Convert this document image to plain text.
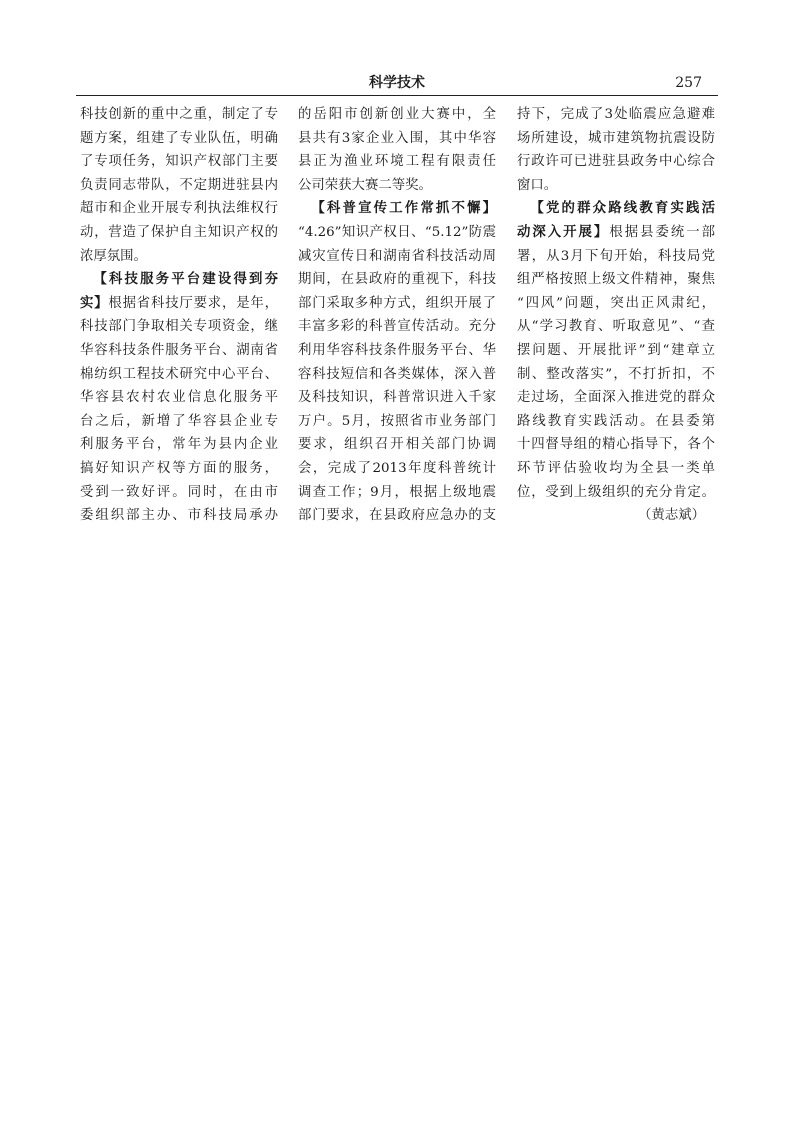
科学技术	257
科技创新的重中之重，制定了专
题方案，组建了专业队伍，明确
了专项任务，知识产权部门主要
负责同志带队，不定期进驻县内
超市和企业开展专利执法维权行
动，营造了保护自主知识产权的
浓厚氛围。
【科技服务平台建设得到夯
实】根据省科技厅要求，是年，
科技部门争取相关专项资金，继
华容科技条件服务平台、湖南省
棉纺织工程技术研究中心平台、
华容县农村农业信息化服务平
台之后，新增了华容县企业专
利服务平台，常年为县内企业
搞好知识产权等方面的服务，
受到一致好评。同时，在由市
委组织部主办、市科技局承办
的岳阳市创新创业大赛中，全
县共有3家企业入围，其中华容
县正为渔业环境工程有限责任
公司荣获大赛二等奖。
【科普宣传工作常抓不懈】
“4.26”知识产权日、“5.12”防震
减灾宣传日和湖南省科技活动周
期间，在县政府的重视下，科技
部门采取多种方式，组织开展了
丰富多彩的科普宣传活动。充分
利用华容科技条件服务平台、华
容科技短信和各类媒体，深入普
及科技知识，科普常识进入千家
万户。5月，按照省市业务部门
要求，组织召开相关部门协调
会，完成了2013年度科普统计
调查工作；9月，根据上级地震
部门要求，在县政府应急办的支
持下，完成了3处临震应急避难
场所建设，城市建筑物抗震设防
行政许可已进驻县政务中心综合
窗口。
【党的群众路线教育实践活
动深入开展】根据县委统一部
署，从3月下旬开始，科技局党
组严格按照上级文件精神，聚焦
“四风”问题，突出正风肃纪，
从“学习教育、听取意见”、“查
摆问题、开展批评”到“建章立
制、整改落实”，不打折扣，不
走过场，全面深入推进党的群众
路线教育实践活动。在县委第
十四督导组的精心指导下，各个
环节评估验收均为全县一类单
位，受到上级组织的充分肯定。
（黄志斌）
